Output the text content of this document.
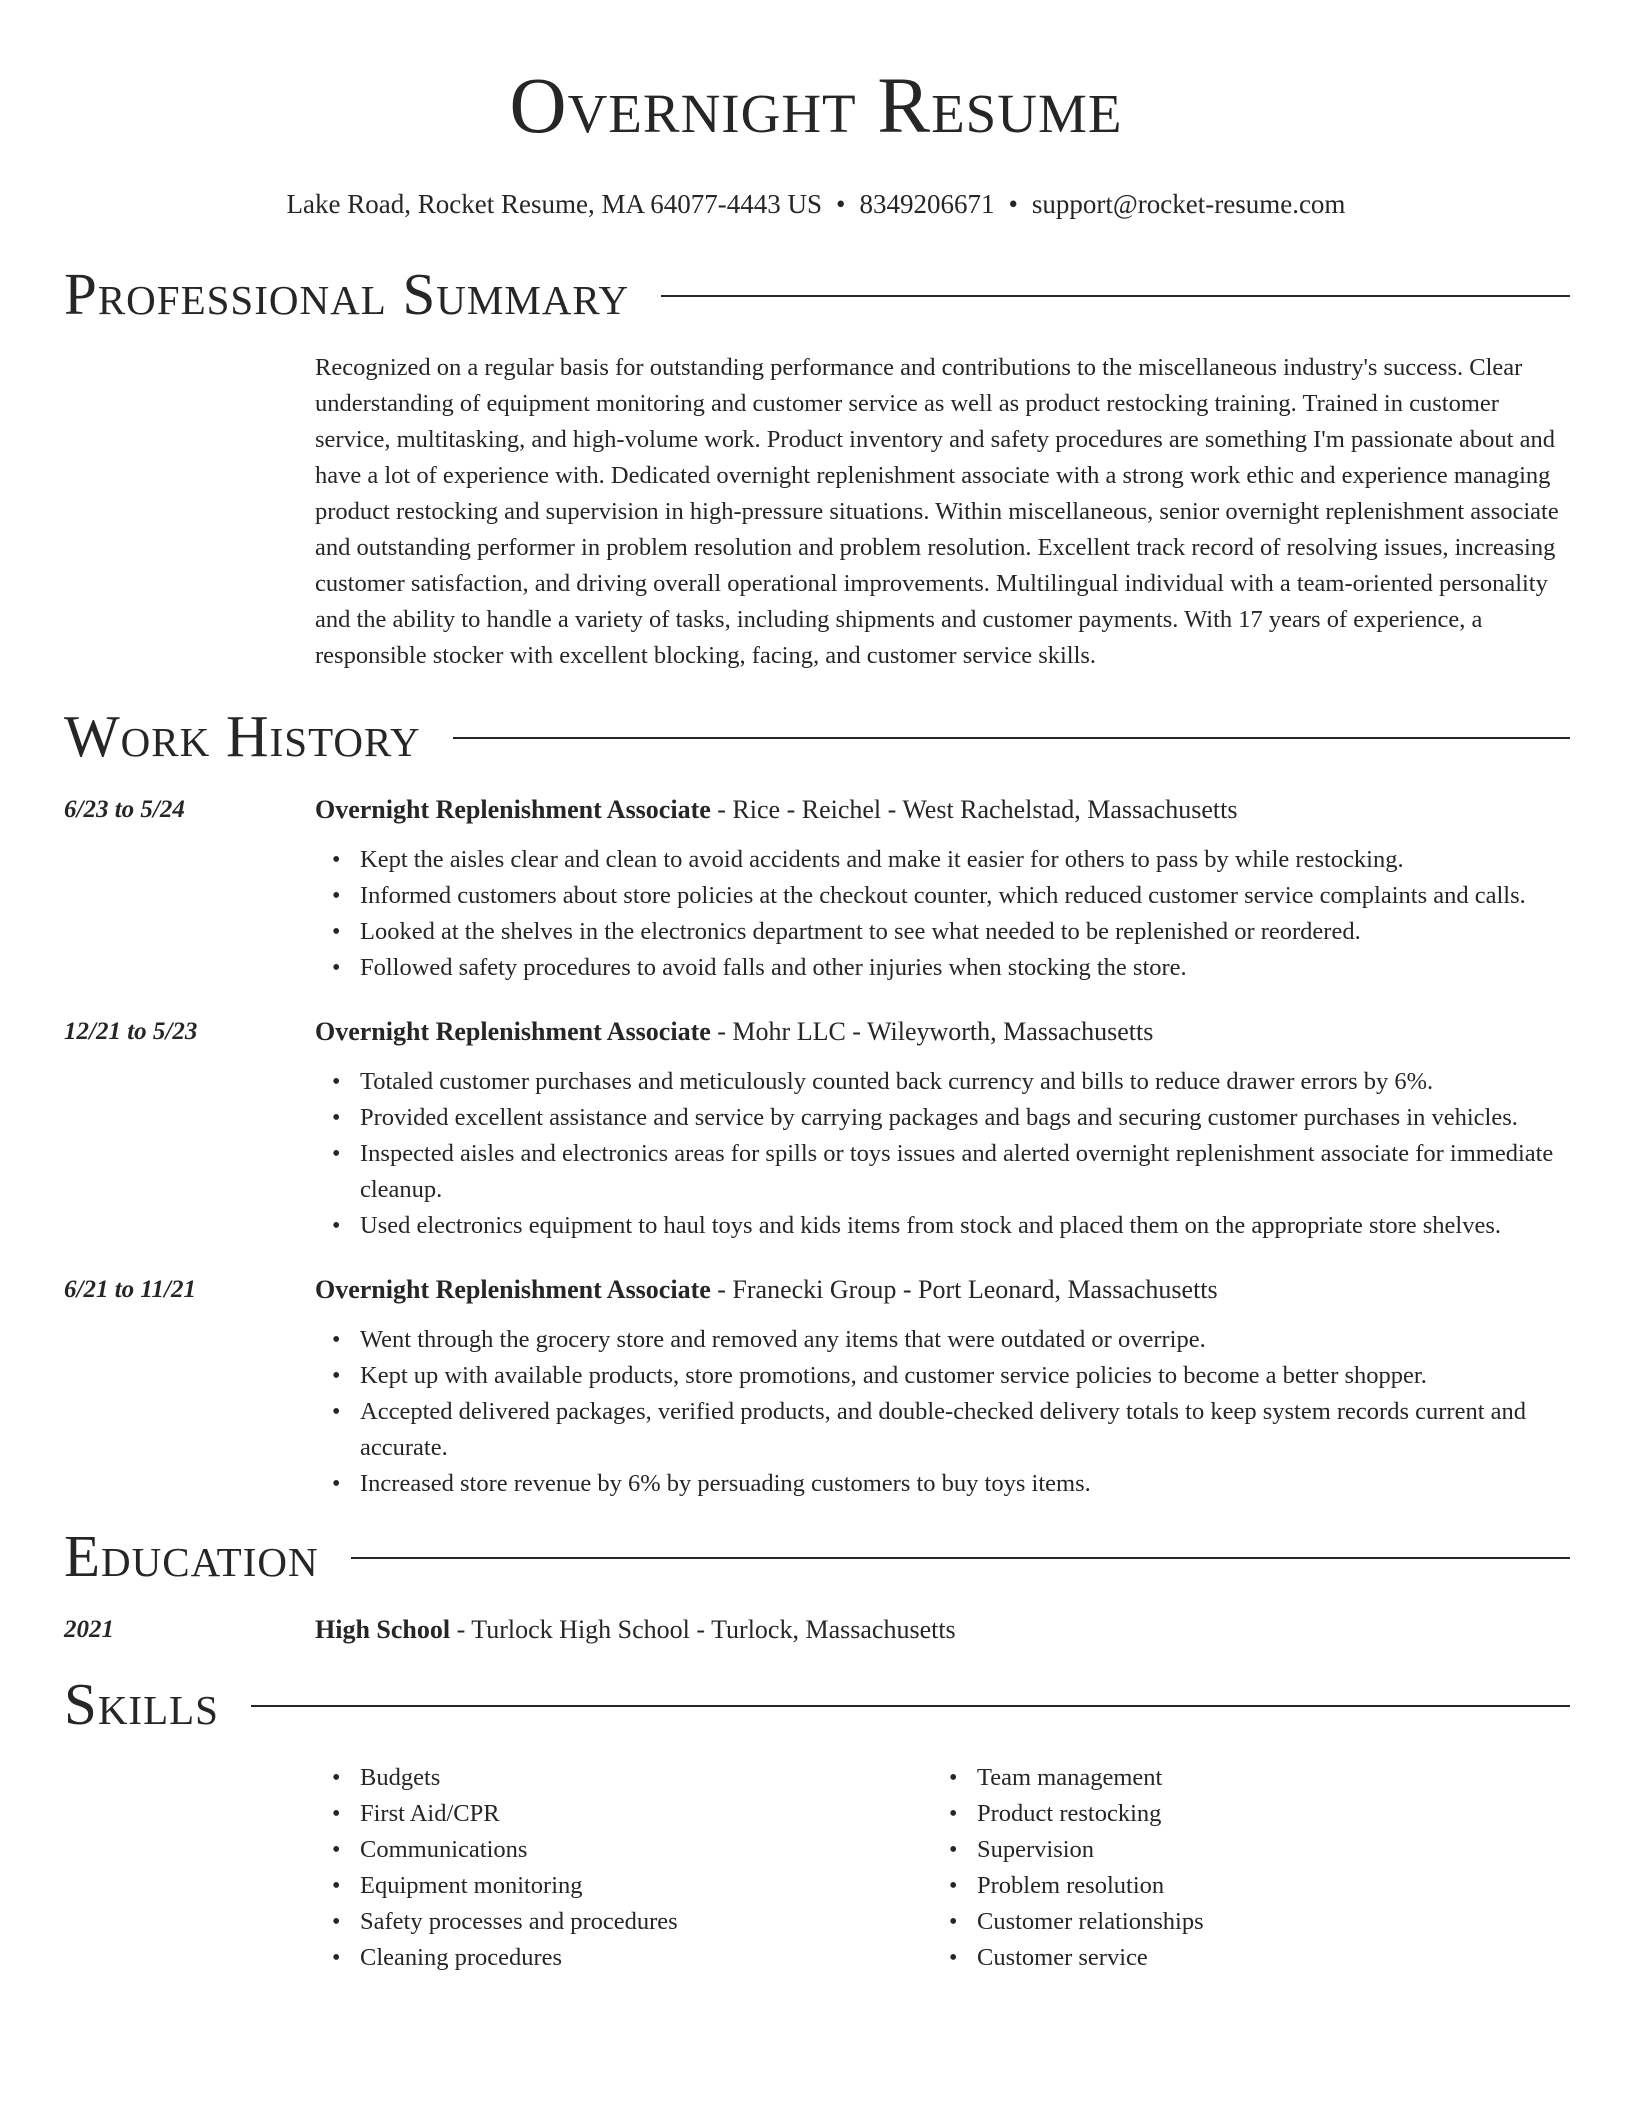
Overnight Resume
Lake Road, Rocket Resume, MA 64077-4443 US • 8349206671 • support@rocket-resume.com
Professional Summary
Recognized on a regular basis for outstanding performance and contributions to the miscellaneous industry's success. Clear understanding of equipment monitoring and customer service as well as product restocking training. Trained in customer service, multitasking, and high-volume work. Product inventory and safety procedures are something I'm passionate about and have a lot of experience with. Dedicated overnight replenishment associate with a strong work ethic and experience managing product restocking and supervision in high-pressure situations. Within miscellaneous, senior overnight replenishment associate and outstanding performer in problem resolution and problem resolution. Excellent track record of resolving issues, increasing customer satisfaction, and driving overall operational improvements. Multilingual individual with a team-oriented personality and the ability to handle a variety of tasks, including shipments and customer payments. With 17 years of experience, a responsible stocker with excellent blocking, facing, and customer service skills.
Work History
6/23 to 5/24	Overnight Replenishment Associate - Rice - Reichel - West Rachelstad, Massachusetts
• Kept the aisles clear and clean to avoid accidents and make it easier for others to pass by while restocking.
• Informed customers about store policies at the checkout counter, which reduced customer service complaints and calls.
• Looked at the shelves in the electronics department to see what needed to be replenished or reordered.
• Followed safety procedures to avoid falls and other injuries when stocking the store.
12/21 to 5/23	Overnight Replenishment Associate - Mohr LLC - Wileyworth, Massachusetts
• Totaled customer purchases and meticulously counted back currency and bills to reduce drawer errors by 6%.
• Provided excellent assistance and service by carrying packages and bags and securing customer purchases in vehicles.
• Inspected aisles and electronics areas for spills or toys issues and alerted overnight replenishment associate for immediate cleanup.
• Used electronics equipment to haul toys and kids items from stock and placed them on the appropriate store shelves.
6/21 to 11/21	Overnight Replenishment Associate - Franecki Group - Port Leonard, Massachusetts
• Went through the grocery store and removed any items that were outdated or overripe.
• Kept up with available products, store promotions, and customer service policies to become a better shopper.
• Accepted delivered packages, verified products, and double-checked delivery totals to keep system records current and accurate.
• Increased store revenue by 6% by persuading customers to buy toys items.
Education
2021	High School - Turlock High School - Turlock, Massachusetts
Skills
• Budgets
• First Aid/CPR
• Communications
• Equipment monitoring
• Safety processes and procedures
• Cleaning procedures
• Team management
• Product restocking
• Supervision
• Problem resolution
• Customer relationships
• Customer service
